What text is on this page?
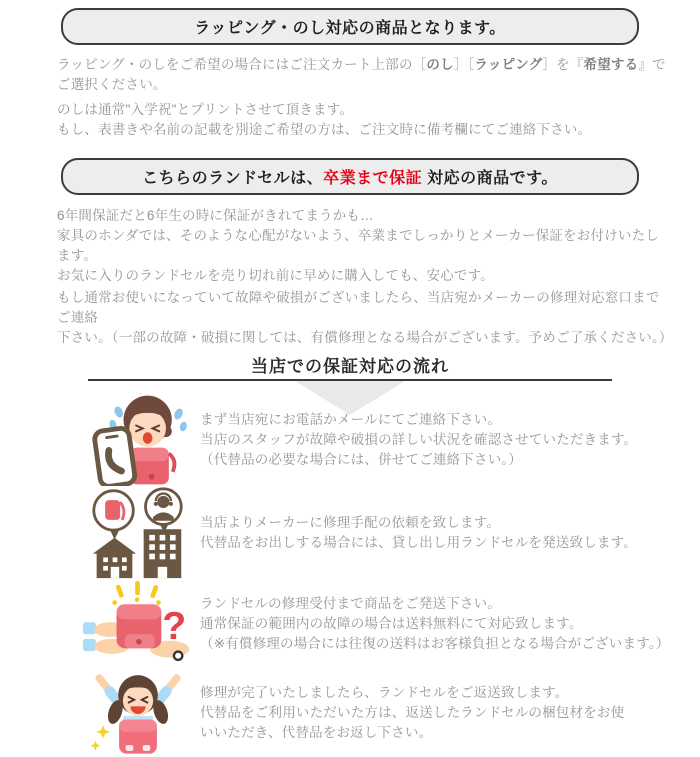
ラッピング・のし対応の商品となります。

ラッピング・のしをご希望の場合にはご注文カート上部の［のし］［ラッピング］を『希望する』で
ご選択ください。

のしは通常"入学祝"とプリントさせて頂きます。
もし、表書きや名前の記載を別途ご希望の方は、ご注文時に備考欄にてご連絡下さい。

こちらのランドセルは、卒業まで保証 対応の商品です。

6年間保証だと6年生の時に保証がきれてまうかも…
家具のホンダでは、そのような心配がないよう、卒業までしっかりとメーカー保証をお付けいたします。
お気に入りのランドセルを売り切れ前に早めに購入しても、安心です。

もし通常お使いになっていて故障や破損がございましたら、当店宛かメーカーの修理対応窓口までご連絡
下さい。（一部の故障・破損に関しては、有償修理となる場合がございます。予めご了承ください。）

当店での保証対応の流れ
まず当店宛にお電話かメールにてご連絡下さい。
当店のスタッフが故障や破損の詳しい状況を確認させていただきます。
（代替品の必要な場合には、併せてご連絡下さい。）
当店よりメーカーに修理手配の依頼を致します。
代替品をお出しする場合には、貸し出し用ランドセルを発送致します。
?
ランドセルの修理受付まで商品をご発送下さい。
通常保証の範囲内の故障の場合は送料無料にて対応致します。
（※有償修理の場合には往復の送料はお客様負担となる場合がございます。）
修理が完了いたしましたら、ランドセルをご返送致します。
代替品をご利用いただいた方は、返送したランドセルの梱包材をお使
いいただき、代替品をお返し下さい。
